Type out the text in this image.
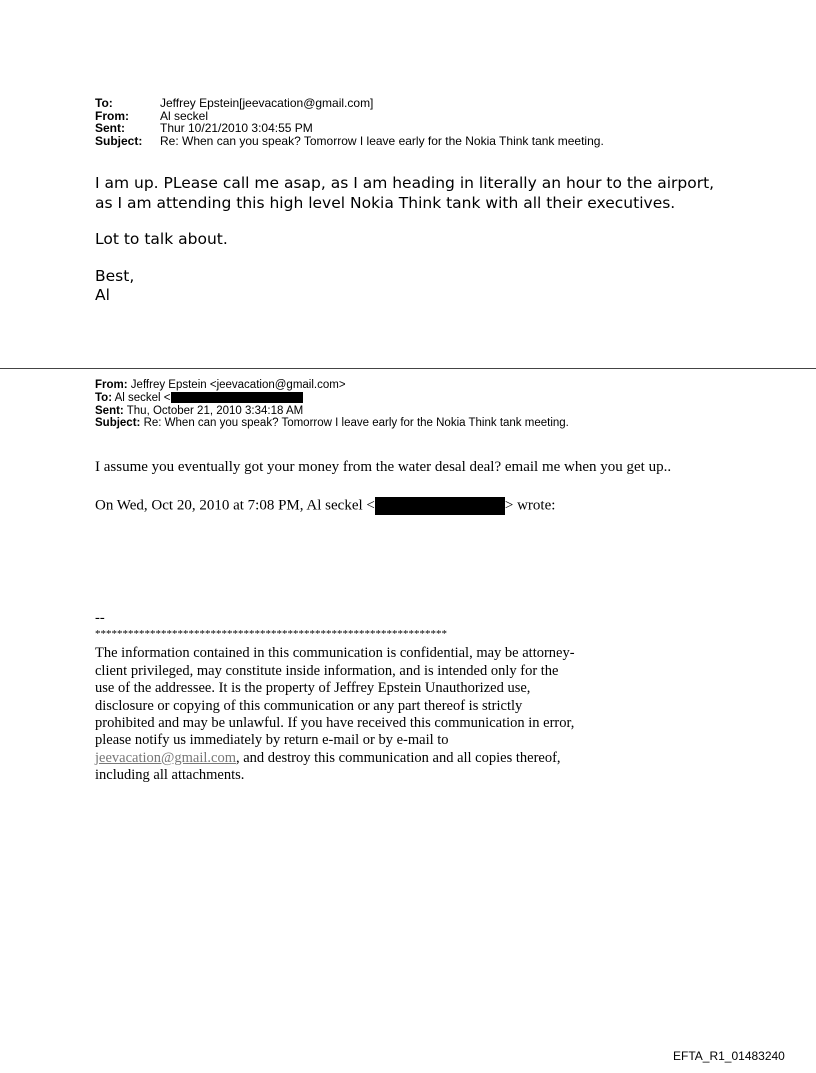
To:	Jeffrey Epstein[jeevacation@gmail.com]
From:	Al seckel
Sent:	Thur 10/21/2010 3:04:55 PM
Subject:	Re: When can you speak? Tomorrow I leave early for the Nokia Think tank meeting.

I am up. PLease call me asap, as I am heading in literally an hour to the airport, as I am attending this high level Nokia Think tank with all their executives.

Lot to talk about.

Best,
Al
From: Jeffrey Epstein <jeevacation@gmail.com>
To: Al seckel <
Sent: Thu, October 21, 2010 3:34:18 AM
Subject: Re: When can you speak? Tomorrow I leave early for the Nokia Think tank meeting.
I assume you eventually got your money from the water desal deal? email me when you get up..
On Wed, Oct 20, 2010 at 7:08 PM, Al seckel <	> wrote:
--
****************************************************************
The information contained in this communication is confidential, may be attorney-client privileged, may constitute inside information, and is intended only for the use of the addressee. It is the property of Jeffrey Epstein Unauthorized use, disclosure or copying of this communication or any part thereof is strictly prohibited and may be unlawful. If you have received this communication in error, please notify us immediately by return e-mail or by e-mail to jeevacation@gmail.com, and destroy this communication and all copies thereof, including all attachments.
EFTA_R1_01483240
